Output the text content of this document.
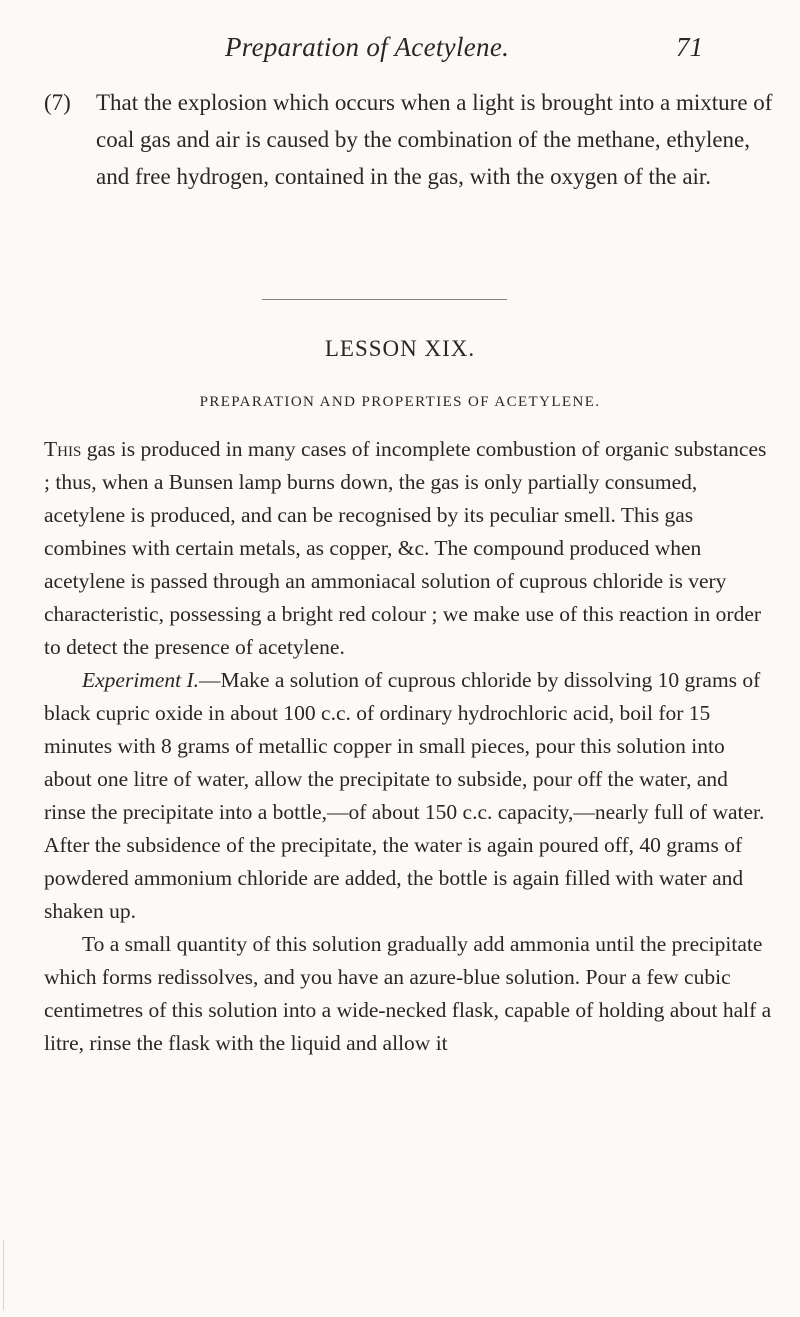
Preparation of Acetylene.	71
(7) That the explosion which occurs when a light is brought into a mixture of coal gas and air is caused by the combination of the methane, ethylene, and free hydrogen, contained in the gas, with the oxygen of the air.
LESSON XIX.
PREPARATION AND PROPERTIES OF ACETYLENE.

This gas is produced in many cases of incomplete combustion of organic substances ; thus, when a Bunsen lamp burns down, the gas is only partially consumed, acetylene is produced, and can be recognised by its peculiar smell. This gas combines with certain metals, as copper, &c. The compound produced when acetylene is passed through an ammoniacal solution of cuprous chloride is very characteristic, possessing a bright red colour ; we make use of this reaction in order to detect the presence of acetylene.

Experiment I.—Make a solution of cuprous chloride by dissolving 10 grams of black cupric oxide in about 100 c.c. of ordinary hydrochloric acid, boil for 15 minutes with 8 grams of metallic copper in small pieces, pour this solution into about one litre of water, allow the precipitate to subside, pour off the water, and rinse the precipitate into a bottle,—of about 150 c.c. capacity,—nearly full of water. After the subsidence of the precipitate, the water is again poured off, 40 grams of powdered ammonium chloride are added, the bottle is again filled with water and shaken up.

To a small quantity of this solution gradually add ammonia until the precipitate which forms redissolves, and you have an azure-blue solution. Pour a few cubic centimetres of this solution into a wide-necked flask, capable of holding about half a litre, rinse the flask with the liquid and allow it
